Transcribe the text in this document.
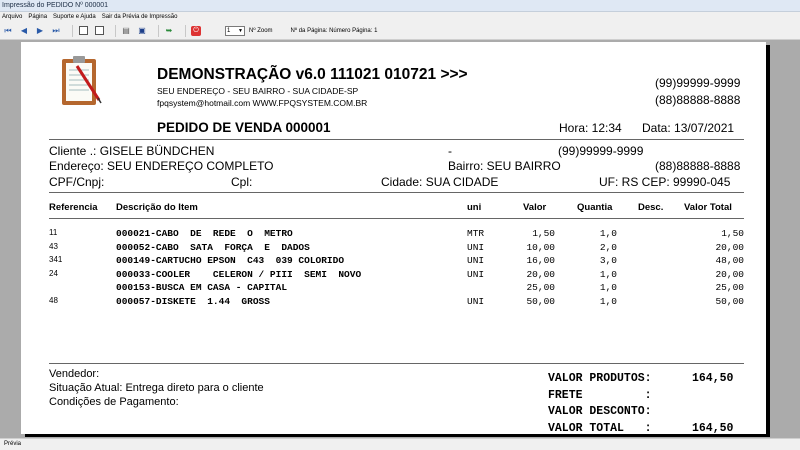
Impressão do PEDIDO Nº 000001
Arquivo Página Suporte e Ajuda Sair da Prévia de Impressão
⏮ ◀ ▶ ⏭	▤ ▣ ➥	⏻	1 ▼ Nº Zoom	Nº da Página: Número Página: 1
DEMONSTRAÇÃO v6.0 111021 010721 >>>
SEU ENDEREÇO - SEU BAIRRO - SUA CIDADE-SP
fpqsystem@hotmail.com WWW.FPQSYSTEM.COM.BR
(99)99999-9999
(88)88888-8888
PEDIDO DE VENDA 000001	Hora: 12:34 Data: 13/07/2021
Cliente .: GISELE BÜNDCHEN	-	(99)99999-9999
Endereço: SEU ENDEREÇO COMPLETO	Bairro: SEU BAIRRO	(88)88888-8888
CPF/Cnpj:	Cpl:	Cidade: SUA CIDADE	UF: RS CEP: 99990-045
Referencia Descrição do Item	uni	Valor	Quantia	Desc. Valor Total
11	000021-CABO  DE  REDE  O  METRO	MTR	1,50	1,0	1,50
43	000052-CABO  SATA  FORÇA  E  DADOS	UNI	10,00	2,0	20,00
341	000149-CARTUCHO EPSON  C43  039 COLORIDO	UNI	16,00	3,0	48,00
24	000033-COOLER    CELERON / PIII  SEMI  NOVO	UNI	20,00	1,0	20,00
000153-BUSCA EM CASA - CAPITAL	25,00	1,0	25,00
48	000057-DISKETE  1.44  GROSS	UNI	50,00	1,0	50,00
Vendedor:
Situação Atual: Entrega direto para o cliente
Condições de Pagamento:
VALOR PRODUTOS:	164,50
FRETE         :
VALOR DESCONTO:
VALOR TOTAL   :	164,50
Prévia
